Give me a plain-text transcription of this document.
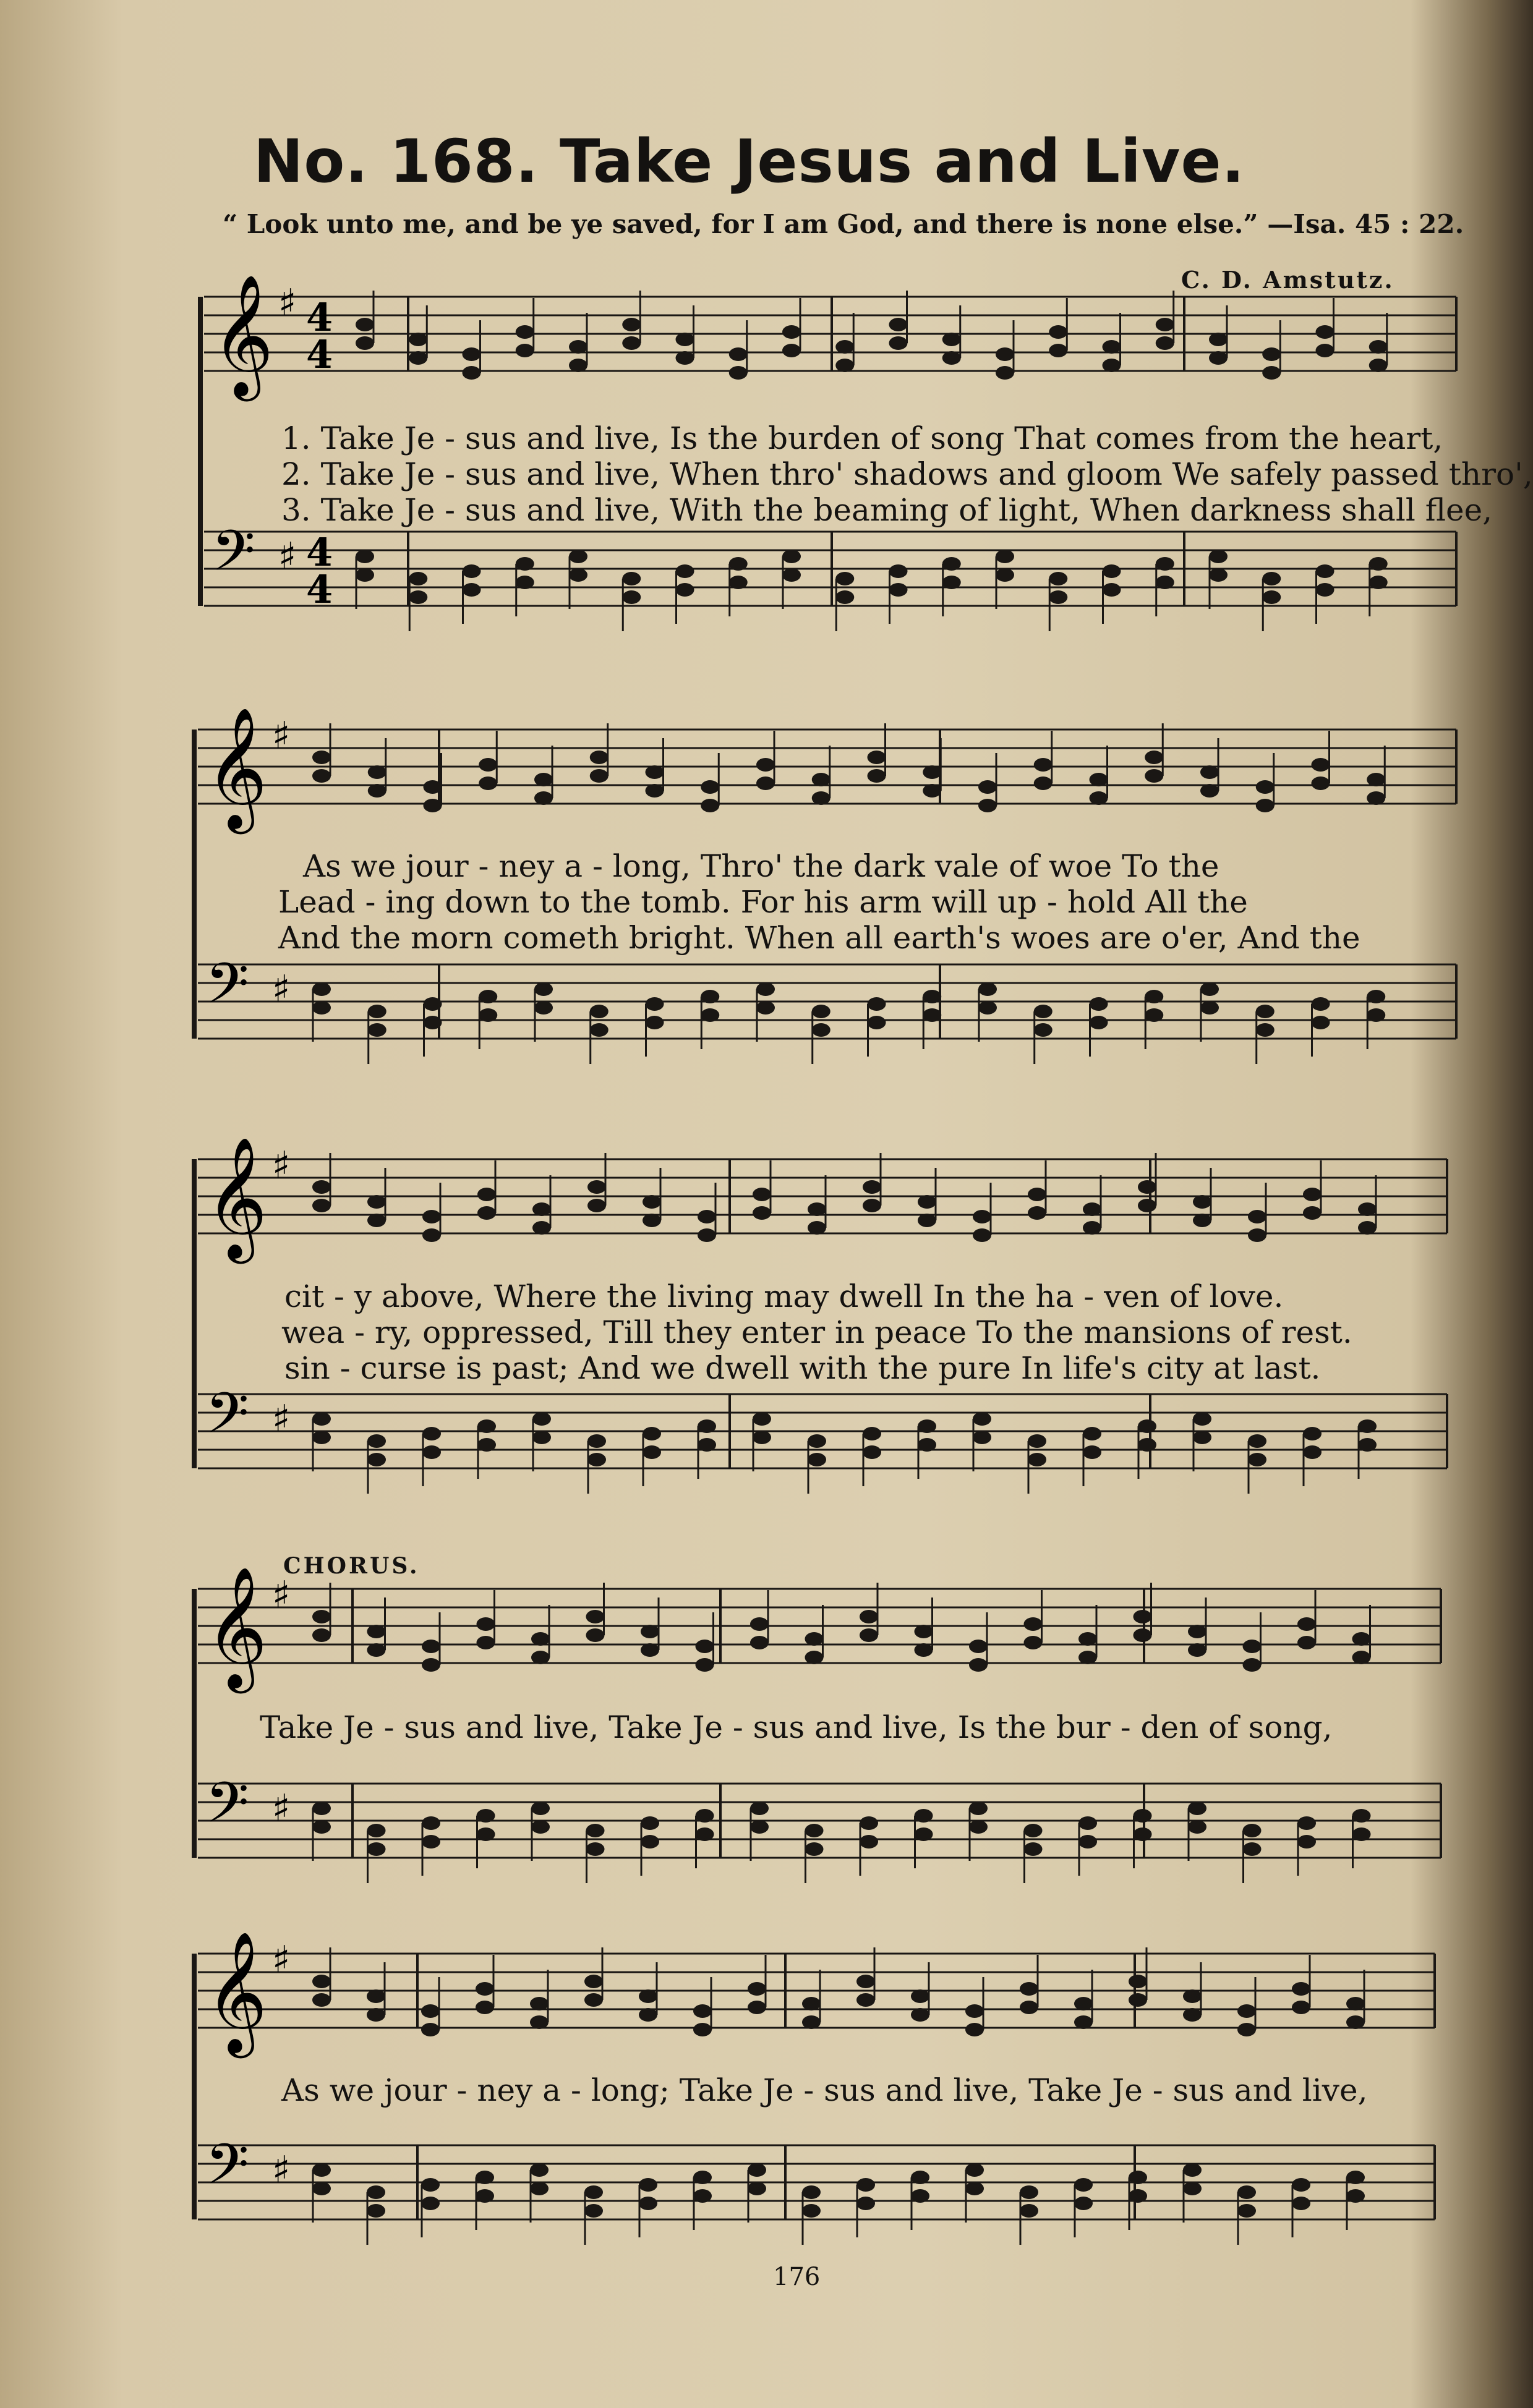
No. 168. Take Jesus and Live.
“ Look unto me, and be ye saved, for I am God, and there is none else.” —Isa. 45 : 22.
C. D. Amstutz.
𝄞 ♯
𝄢 ♯
4
4
4
4
𝄞 ♯
𝄢 ♯
𝄞 ♯
𝄢 ♯
𝄞 ♯
𝄢 ♯
𝄞 ♯
𝄢 ♯
1. Take Je - sus and live, Is the burden of song That comes from the heart,
2. Take Je - sus and live, When thro' shadows and gloom We safely passed thro',
3. Take Je - sus and live, With the beaming of light, When darkness shall flee,
As we jour - ney a - long, Thro' the dark vale of woe To the
Lead - ing down to the tomb. For his arm will up - hold All the
And the morn cometh bright. When all earth's woes are o'er, And the
cit - y above, Where the living may dwell In the ha - ven of love.
wea - ry, oppressed, Till they enter in peace To the mansions of rest.
sin - curse is past; And we dwell with the pure In life's city at last.
CHORUS.
Take Je - sus and live, Take Je - sus and live, Is the bur - den of song,
As we jour - ney a - long; Take Je - sus and live, Take Je - sus and live,
176
